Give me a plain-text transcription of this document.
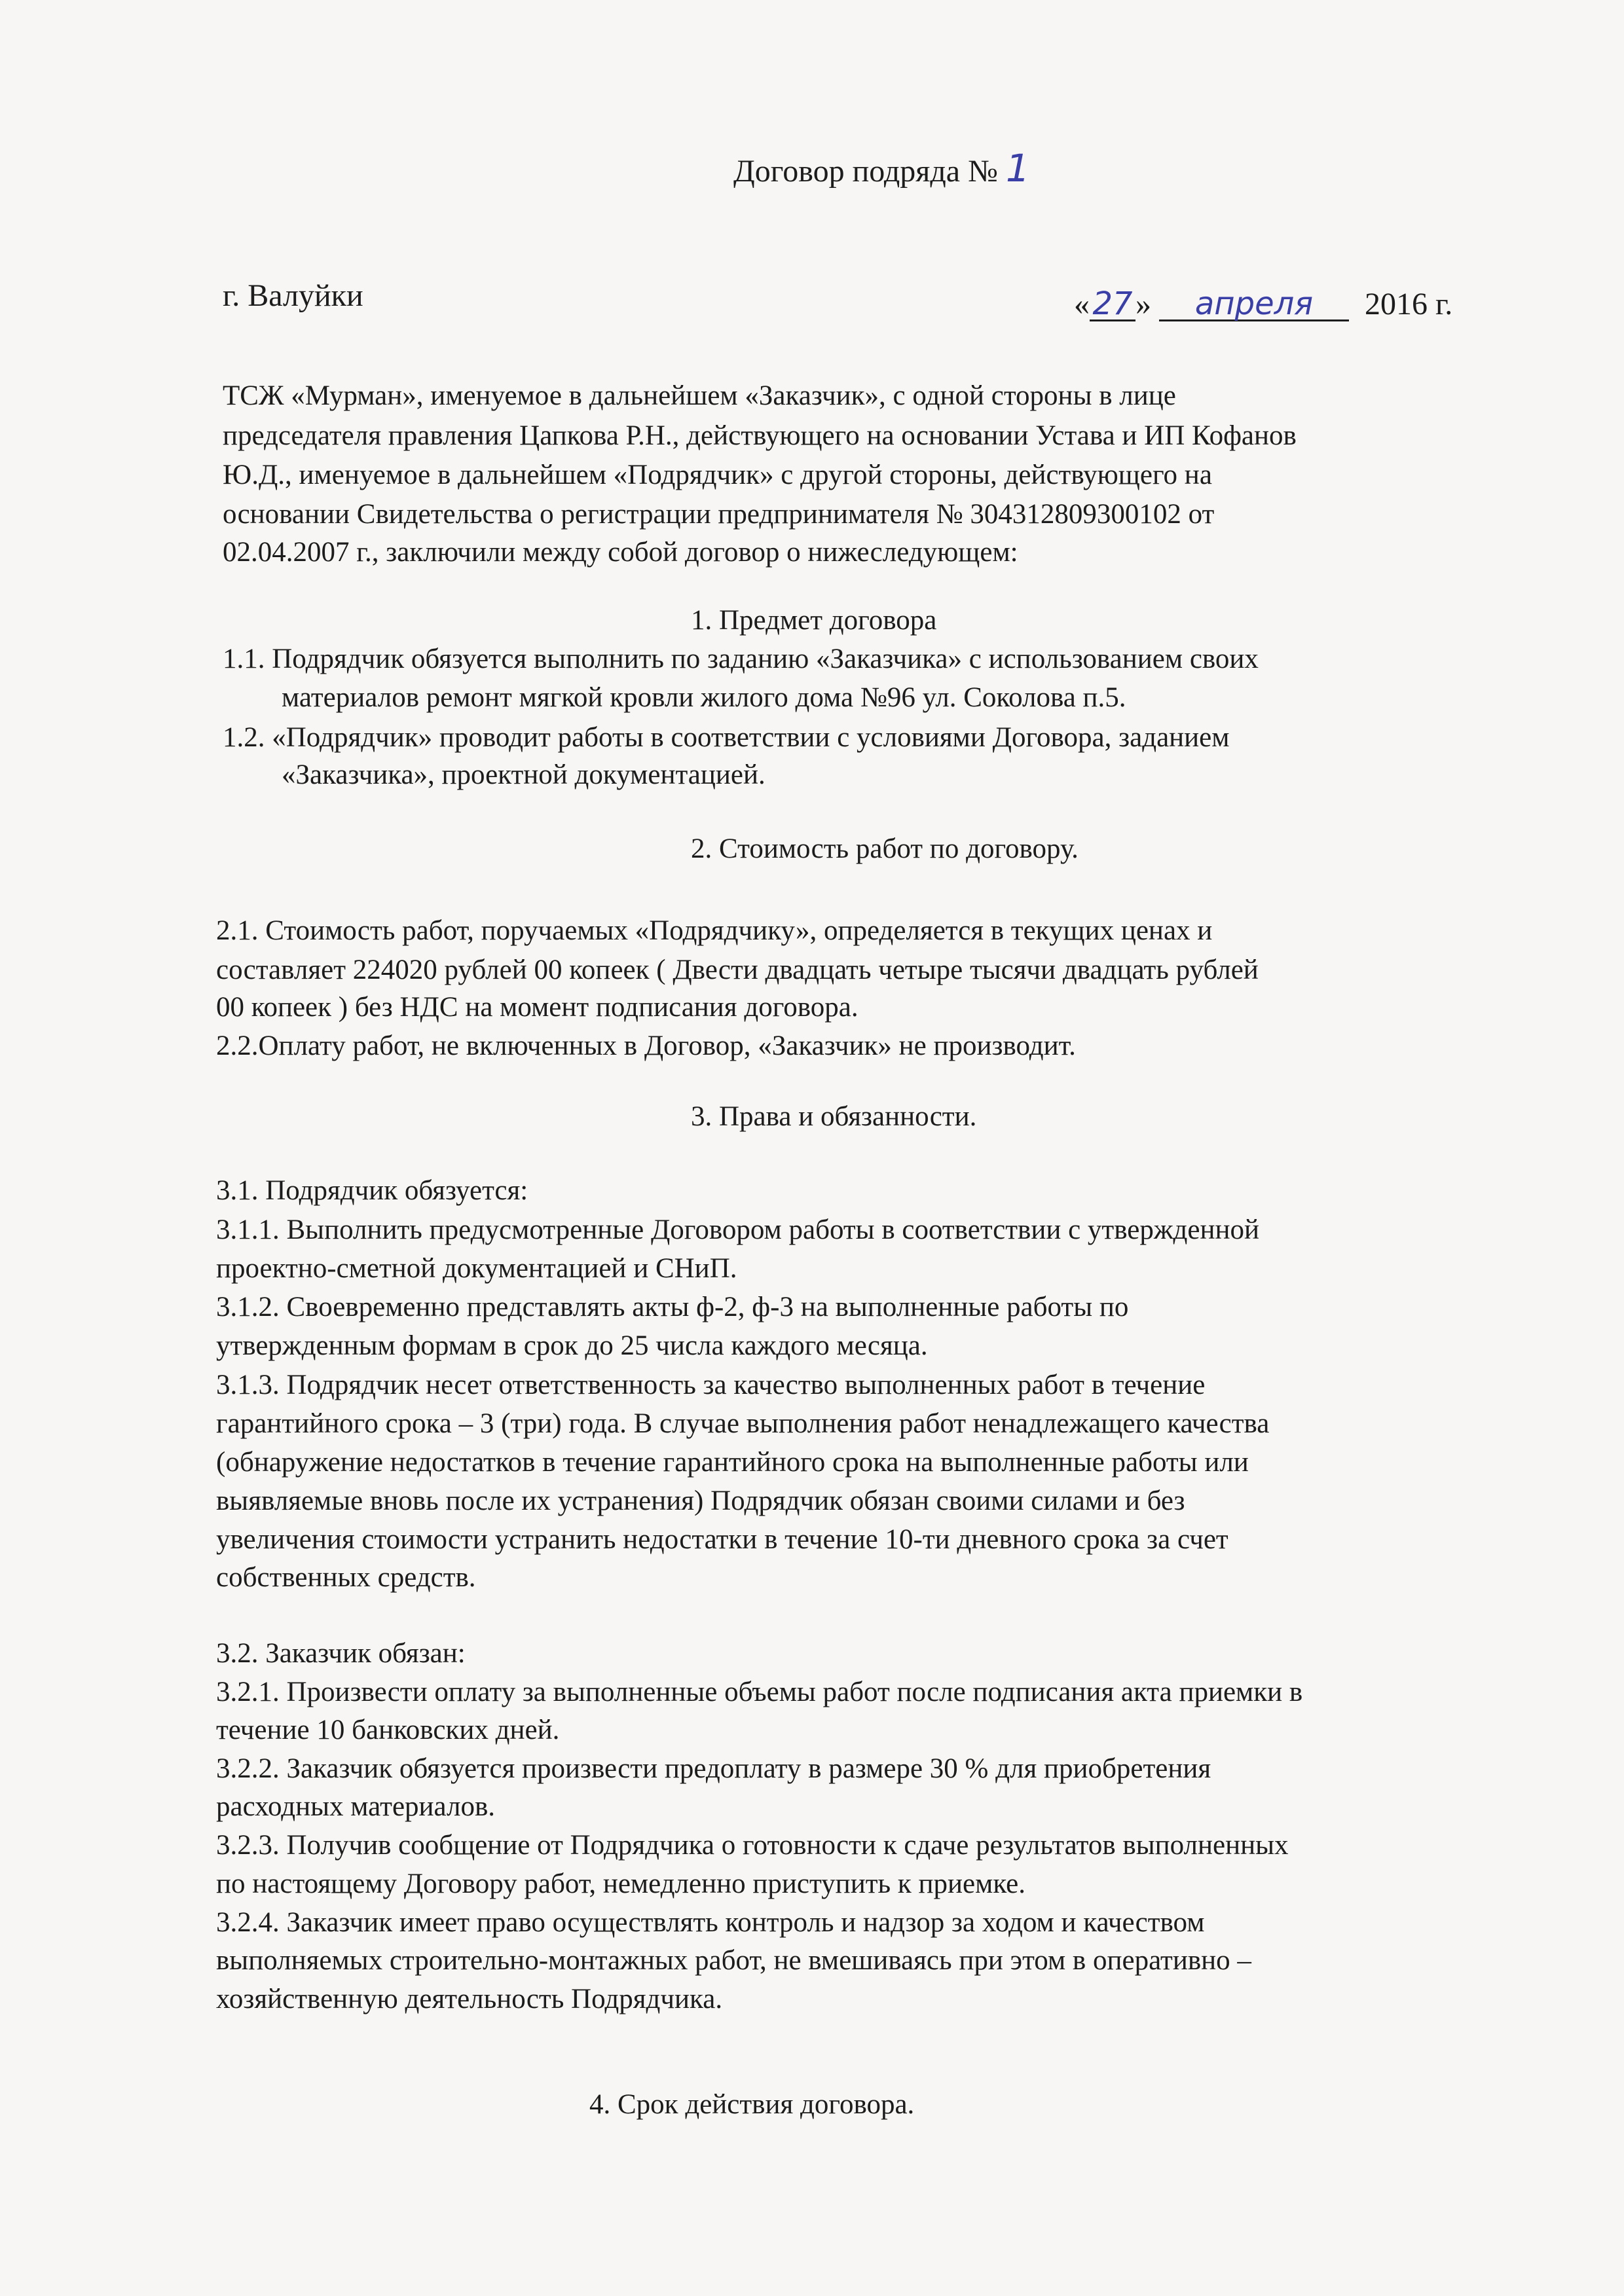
Договор подряда № 1
г. Валуйки	«27» апреля 2016 г.
ТСЖ «Мурман», именуемое в дальнейшем «Заказчик», с одной стороны в лице
председателя правления Цапкова Р.Н., действующего на основании Устава и ИП Кофанов
Ю.Д., именуемое в дальнейшем «Подрядчик» с другой стороны, действующего на
основании Свидетельства о регистрации предпринимателя № 304312809300102 от
02.04.2007 г., заключили между собой договор о нижеследующем:
1. Предмет договора
1.1. Подрядчик обязуется выполнить по заданию «Заказчика» с использованием своих
материалов ремонт мягкой кровли жилого дома №96 ул. Соколова п.5.
1.2. «Подрядчик» проводит работы в соответствии с условиями Договора, заданием
«Заказчика», проектной документацией.
2. Стоимость работ по договору.
2.1. Стоимость работ, поручаемых «Подрядчику», определяется в текущих ценах и
составляет 224020 рублей 00 копеек ( Двести двадцать четыре тысячи двадцать рублей
00 копеек ) без НДС на момент подписания договора.
2.2.Оплату работ, не включенных в Договор, «Заказчик» не производит.
3. Права и обязанности.
3.1. Подрядчик обязуется:
3.1.1. Выполнить предусмотренные Договором работы в соответствии с утвержденной
проектно-сметной документацией и СНиП.
3.1.2. Своевременно представлять акты ф-2, ф-3 на выполненные работы по
утвержденным формам в срок до 25 числа каждого месяца.
3.1.3. Подрядчик несет ответственность за качество выполненных работ в течение
гарантийного срока – 3 (три) года. В случае выполнения работ ненадлежащего качества
(обнаружение недостатков в течение гарантийного срока на выполненные работы или
выявляемые вновь после их устранения) Подрядчик обязан своими силами и без
увеличения стоимости устранить недостатки в течение 10-ти дневного срока за счет
собственных средств.
3.2. Заказчик обязан:
3.2.1. Произвести оплату за выполненные объемы работ после подписания акта приемки в
течение 10 банковских дней.
3.2.2. Заказчик обязуется произвести предоплату в размере 30 % для приобретения
расходных материалов.
3.2.3. Получив сообщение от Подрядчика о готовности к сдаче результатов выполненных
по настоящему Договору работ, немедленно приступить к приемке.
3.2.4. Заказчик имеет право осуществлять контроль и надзор за ходом и качеством
выполняемых строительно-монтажных работ, не вмешиваясь при этом в оперативно –
хозяйственную деятельность Подрядчика.
4. Срок действия договора.
